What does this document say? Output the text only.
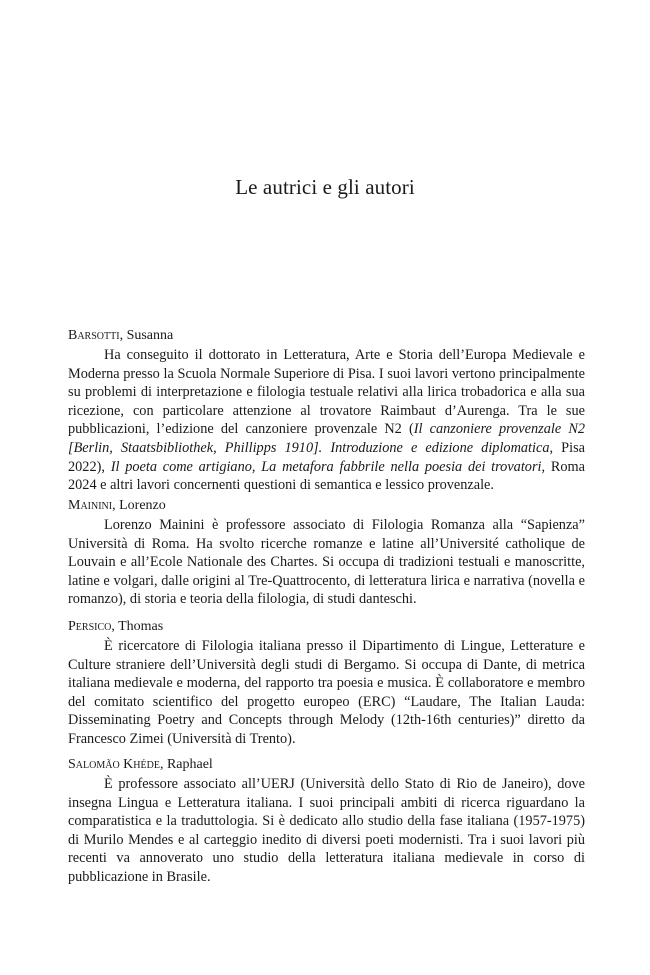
Le autrici e gli autori
Barsotti, Susanna

Ha conseguito il dottorato in Letteratura, Arte e Storia dell’Europa Medievale e Moderna presso la Scuola Normale Superiore di Pisa. I suoi lavori vertono principalmente su problemi di interpretazione e filologia testuale relativi alla lirica trobadorica e alla sua ricezione, con particolare attenzione al trovatore Raimbaut d’Aurenga. Tra le sue pubblicazioni, l’edizione del canzoniere provenzale N2 (Il canzoniere provenzale N2 [Berlin, Staatsbibliothek, Phillipps 1910]. Introduzione e edizione diplomatica, Pisa 2022), Il poeta come artigiano, La metafora fabbrile nella poesia dei trovatori, Roma 2024 e altri lavori concernenti questioni di semantica e lessico provenzale.

Mainini, Lorenzo

Lorenzo Mainini è professore associato di Filologia Romanza alla “Sapienza” Università di Roma. Ha svolto ricerche romanze e latine all’Université catholique de Louvain e all’Ecole Nationale des Chartes. Si occupa di tradizioni testuali e manoscritte, latine e volgari, dalle origini al Tre-Quattrocento, di letteratura lirica e narrativa (novella e romanzo), di storia e teoria della filologia, di studi danteschi.

Persico, Thomas

È ricercatore di Filologia italiana presso il Dipartimento di Lingue, Letterature e Culture straniere dell’Università degli studi di Bergamo. Si occupa di Dante, di metrica italiana medievale e moderna, del rapporto tra poesia e musica. È collaboratore e membro del comitato scientifico del progetto europeo (ERC) “Laudare, The Italian Lauda: Disseminating Poetry and Concepts through Melody (12th-16th centuries)” diretto da Francesco Zimei (Università di Trento).

Salomão Khéde, Raphael

È professore associato all’UERJ (Università dello Stato di Rio de Janeiro), dove insegna Lingua e Letteratura italiana. I suoi principali ambiti di ricerca riguardano la comparatistica e la traduttologia. Si è dedicato allo studio della fase italiana (1957-1975) di Murilo Mendes e al carteggio inedito di diversi poeti modernisti. Tra i suoi lavori più recenti va annoverato uno studio della letteratura italiana medievale in corso di pubblicazione in Brasile.
